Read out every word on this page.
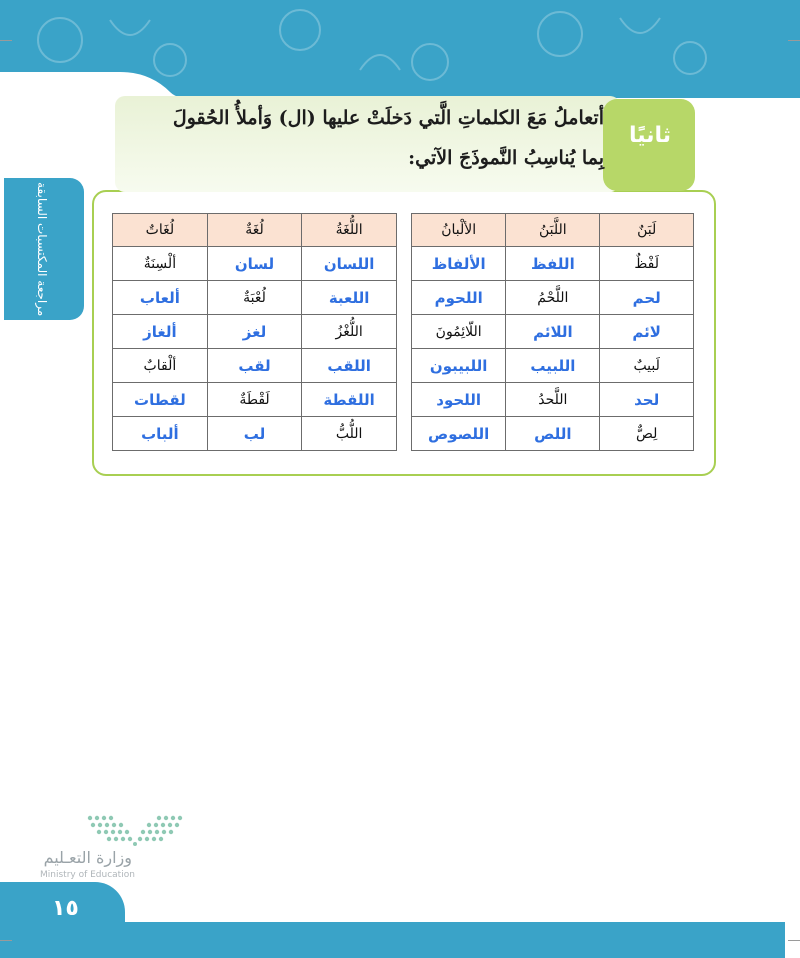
مراجعة المكتسبات السابقة
ثانيًا
أتعاملُ مَعَ الكلماتِ الَّتي دَخلَتْ عليها (ال) وَأملأُ الحُقولَ
بِما يُناسِبُ النَّموذَجَ الآتي:
لَبَنٌ	اللَّبَنُ	الألْبانُ
لَفْظٌ	اللفظ	الألفاظ
لحم	اللَّحْمُ	اللحوم
لائم	اللائم	اللّائِمُونَ
لَبيبٌ	اللبيب	اللبيبون
لحد	اللَّحدُ	اللحود
لِصٌّ	اللص	اللصوص
اللُّغَةُ	لُغَةٌ	لُغَاتٌ
اللسان	لسان	ألْسِنَةٌ
اللعبة	لُعْبَةٌ	ألعاب
اللُّغْزُ	لغز	ألغاز
اللقب	لقب	ألْقابٌ
اللقطة	لَقْطَةٌ	لقطات
اللُّبُّ	لب	ألباب
وزارة التعـليم
Ministry of Education
١٥
